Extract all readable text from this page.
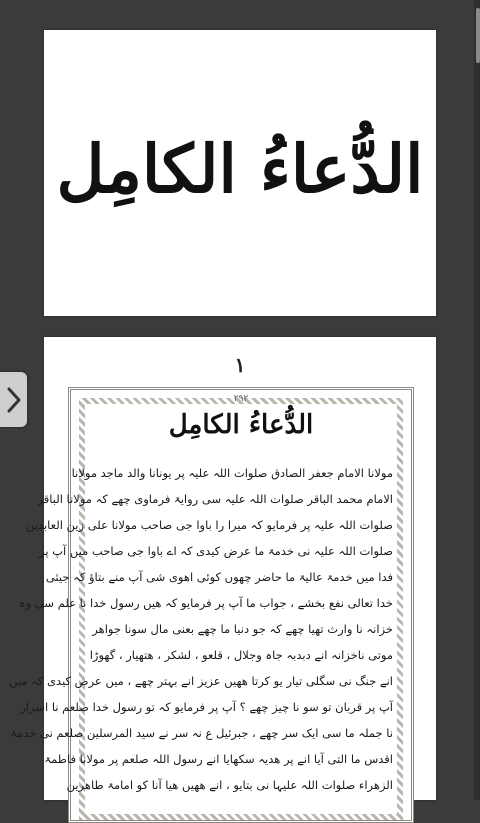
الدُّعاءُ الکامِل
۱
۲۹۲
الدُّعاءُ الکامِل
مولانا الامام جعفر الصادق صلوات اللہ علیہ پر یونانا والد ماجد مولانا
الامام محمد الباقر صلوات اللہ علیہ سی روایۃ فرماوی چھے کہ مولانا الباقر
صلوات اللہ علیہ پر فرمایو کہ میرا را باوا جی صاحب مولانا علی زین العابدین
صلوات اللہ علیہ نی خدمۃ ما عرض کیدی کہ اے باوا جی صاحب میں آپ پر
فدا میں خدمۃ عالیۃ ما حاضر چھوں کوئی اھوی شی آپ منے بتاؤ کہ جیثی
خدا تعالی نفع بخشے ، جواب ما آپ پر فرمایو کہ ھیں رسول خدا نا علم سی وہ
خزانہ نا وارث تھیا چھے کہ جو دنیا ما چھے بعنی مال سونا جواھر
موتی ناخزانہ انے دبدبہ جاہ وجلال ، قلعو ، لشکر ، ھتھیار ، گھوڑا
انے جنگ نی سگلی تیار یو کرتا ھھیں عزیز انے بہتر چھے ، میں عرض کیدی کہ میں
آپ پر قربان تو سو نا چیز چھے ؟ آپ پر فرمایو کہ تو رسول خدا صلعم نا اسرار
نا جملہ ما سی ایک سر چھے ، جبرئیل ع نہ سر نے سید المرسلین صلعم نی خدمۃ
اقدس ما التی آیا انے پر ھدیہ سکھایا انے رسول اللہ صلعم پر مولانا فاطمۃ
الزھراء صلوات اللہ علیہا نی بتایو ، انے ھھیں ھیا آنا کو امامۃ طاھرین
